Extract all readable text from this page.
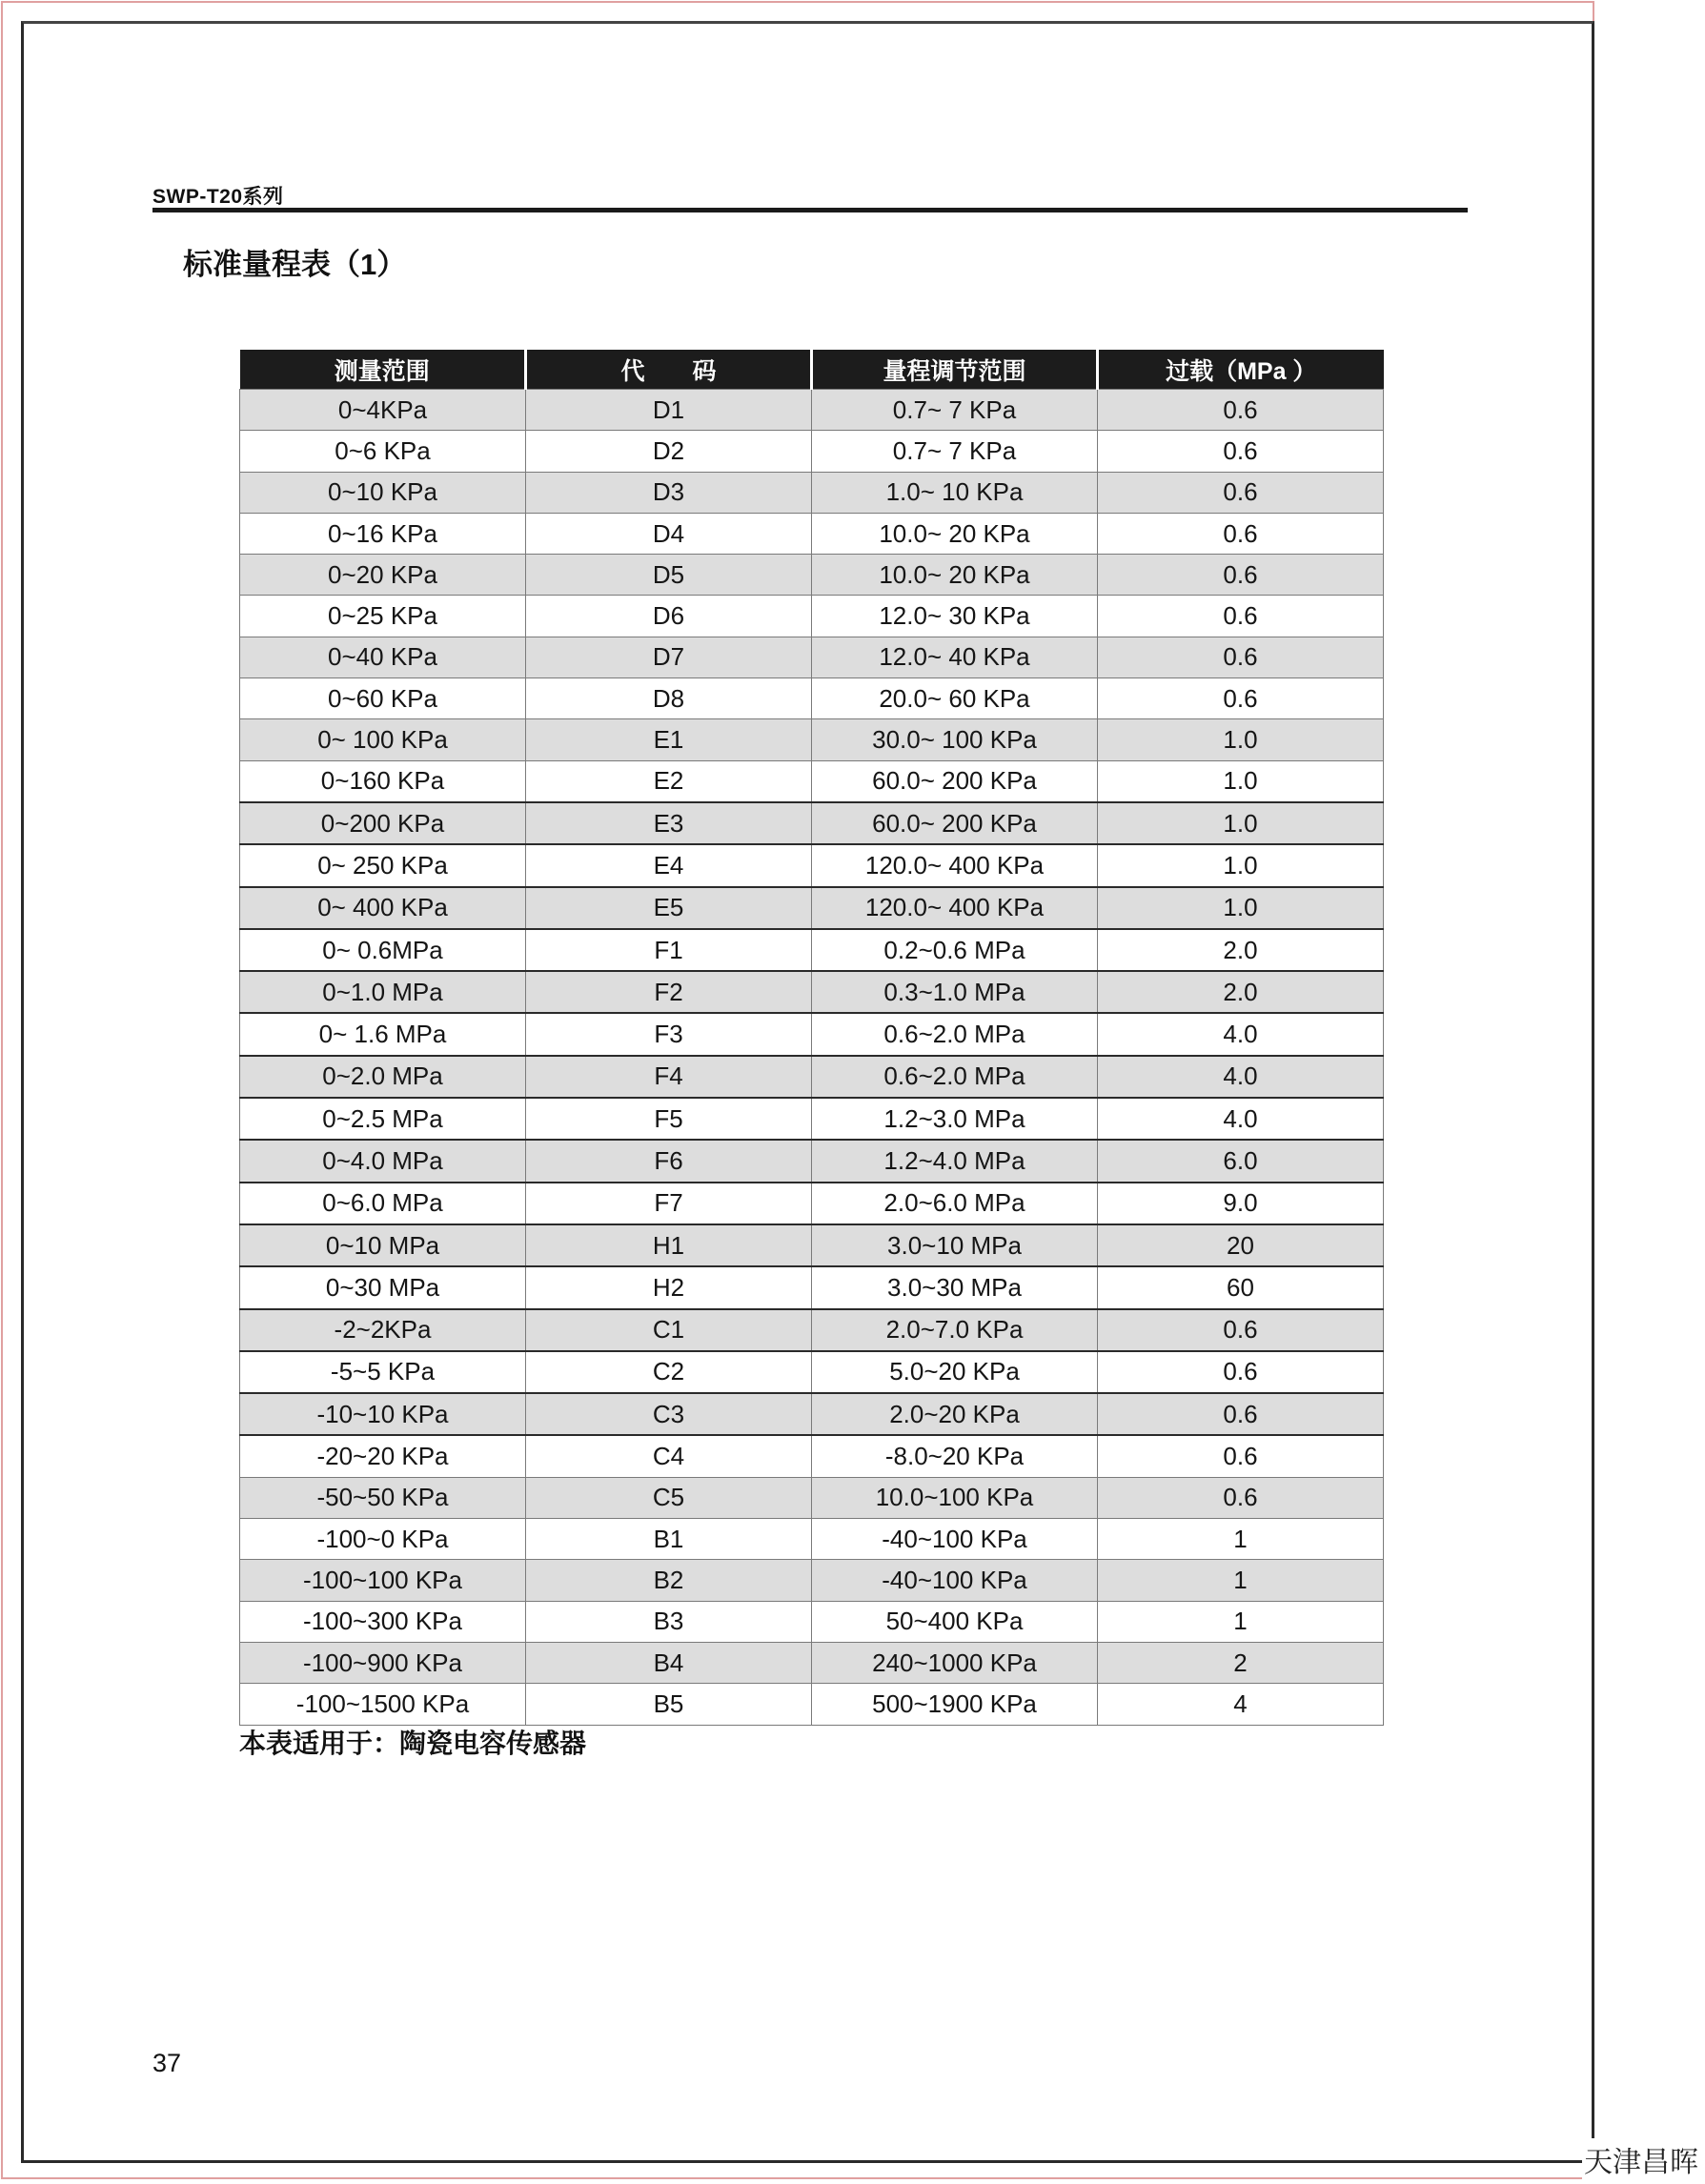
SWP-T20系列
标准量程表（1）
测量范围	代　　码	量程调节范围	过载（MPa ）
0~4KPa	D1	0.7~ 7 KPa	0.6
0~6 KPa	D2	0.7~ 7 KPa	0.6
0~10 KPa	D3	1.0~ 10 KPa	0.6
0~16 KPa	D4	10.0~ 20 KPa	0.6
0~20 KPa	D5	10.0~ 20 KPa	0.6
0~25 KPa	D6	12.0~ 30 KPa	0.6
0~40 KPa	D7	12.0~ 40 KPa	0.6
0~60 KPa	D8	20.0~ 60 KPa	0.6
0~ 100 KPa	E1	30.0~ 100 KPa	1.0
0~160 KPa	E2	60.0~ 200 KPa	1.0
0~200 KPa	E3	60.0~ 200 KPa	1.0
0~ 250 KPa	E4	120.0~ 400 KPa	1.0
0~ 400 KPa	E5	120.0~ 400 KPa	1.0
0~ 0.6MPa	F1	0.2~0.6 MPa	2.0
0~1.0 MPa	F2	0.3~1.0 MPa	2.0
0~ 1.6 MPa	F3	0.6~2.0 MPa	4.0
0~2.0 MPa	F4	0.6~2.0 MPa	4.0
0~2.5 MPa	F5	1.2~3.0 MPa	4.0
0~4.0 MPa	F6	1.2~4.0 MPa	6.0
0~6.0 MPa	F7	2.0~6.0 MPa	9.0
0~10 MPa	H1	3.0~10 MPa	20
0~30 MPa	H2	3.0~30 MPa	60
-2~2KPa	C1	2.0~7.0 KPa	0.6
-5~5 KPa	C2	5.0~20 KPa	0.6
-10~10 KPa	C3	2.0~20 KPa	0.6
-20~20 KPa	C4	-8.0~20 KPa	0.6
-50~50 KPa	C5	10.0~100 KPa	0.6
-100~0 KPa	B1	-40~100 KPa	1
-100~100 KPa	B2	-40~100 KPa	1
-100~300 KPa	B3	50~400 KPa	1
-100~900 KPa	B4	240~1000 KPa	2
-100~1500 KPa	B5	500~1900 KPa	4
本表适用于：陶瓷电容传感器
37
天津昌晖
